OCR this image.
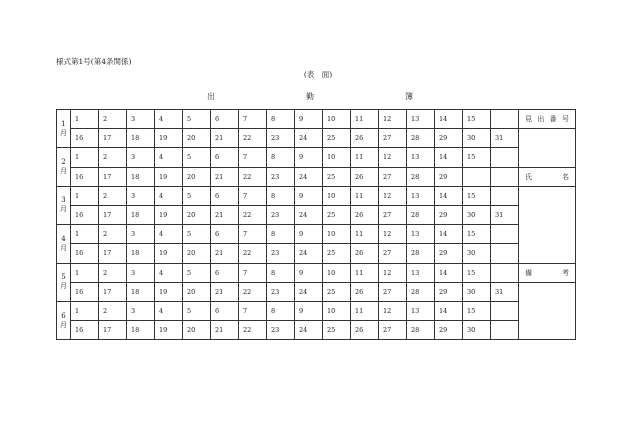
様式第1号(第4条関係)
(表　面)
出	勤	簿
1月	1	2	3	4	5	6	7	8	9	10	11	12	13	14	15		見出番号
	16	17	18	19	20	21	22	23	24	25	26	27	28	29	30	31	
2月	1	2	3	4	5	6	7	8	9	10	11	12	13	14	15		
	16	17	18	19	20	21	22	23	24	25	26	27	28	29			氏　　名
3月	1	2	3	4	5	6	7	8	9	10	11	12	13	14	15		
	16	17	18	19	20	21	22	23	24	25	26	27	28	29	30	31	
4月	1	2	3	4	5	6	7	8	9	10	11	12	13	14	15		
	16	17	18	19	20	21	22	23	24	25	26	27	28	29	30		
5月	1	2	3	4	5	6	7	8	9	10	11	12	13	14	15		備　　考
	16	17	18	19	20	21	22	23	24	25	26	27	28	29	30	31	
6月	1	2	3	4	5	6	7	8	9	10	11	12	13	14	15		
	16	17	18	19	20	21	22	23	24	25	26	27	28	29	30		
